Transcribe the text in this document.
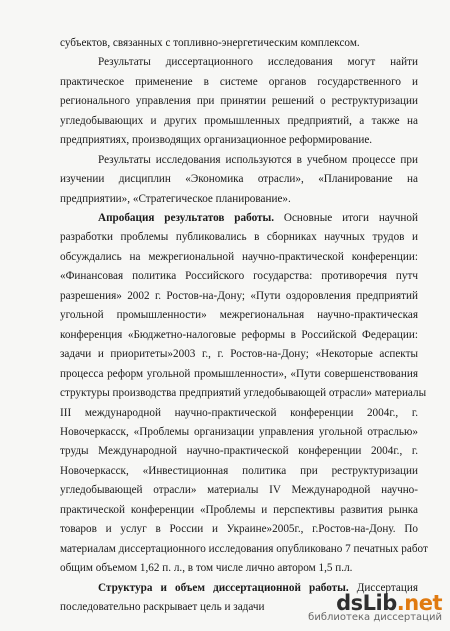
субъектов, связанных с топливно-энергетическим комплексом.
Результаты диссертационного исследования могут найти
практическое применение в системе органов государственного и
регионального управления при принятии решений о реструктуризации
угледобывающих и других промышленных предприятий, а также на
предприятиях, производящих организационное реформирование.
Результаты исследования используются в учебном процессе при
изучении дисциплин «Экономика отрасли», «Планирование на
предприятии», «Стратегическое планирование».
Апробация результатов работы. Основные итоги научной
разработки проблемы публиковались в сборниках научных трудов и
обсуждались на межрегиональной научно-практической конференции:
«Финансовая политика Российского государства: противоречия путч
разрешения» 2002 г. Ростов-на-Дону; «Пути оздоровления предприятий
угольной промышленности» межрегиональная научно-практическая
конференция «Бюджетно-налоговые реформы в Российской Федерации:
задачи и приоритеты»2003 г., г. Ростов-на-Дону; «Некоторые аспекты
процесса реформ угольной промышленности», «Пути совершенствования
структуры производства предприятий угледобывающей отрасли» материалы
III международной научно-практической конференции 2004г., г.
Новочеркасск, «Проблемы организации управления угольной отраслью»
труды Международной научно-практической конференции 2004г., г.
Новочеркасск, «Инвестиционная политика при реструктуризации
угледобывающей отрасли» материалы IV Международной научно-
практической конференции «Проблемы и перспективы развития рынка
товаров и услуг в России и Украине»2005г., г.Ростов-на-Дону. По
материалам диссертационного исследования опубликовано 7 печатных работ
общим объемом 1,62 п. л., в том числе лично автором 1,5 п.л.
Структура и объем диссертационной работы. Диссертация
последовательно раскрывает цель и задачи	dsLib.net
библиотека диссертаций
